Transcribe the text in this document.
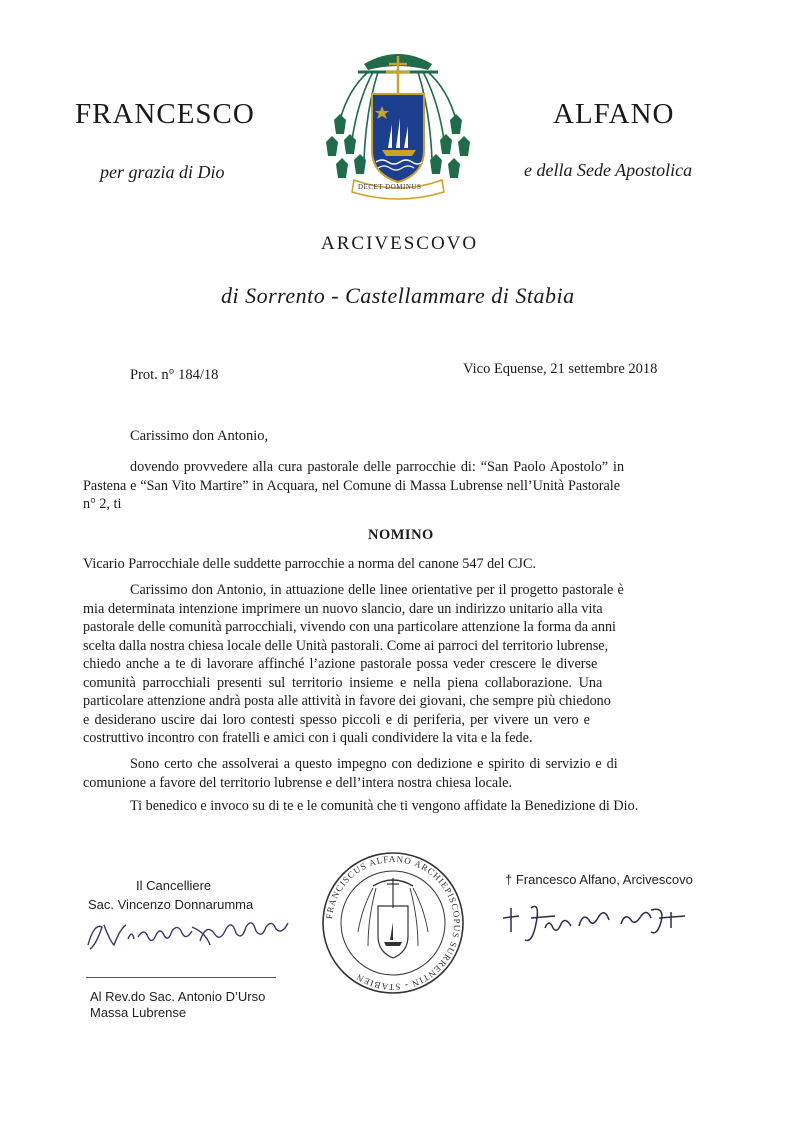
FRANCESCO	ALFANO
per grazia di Dio	e della Sede Apostolica
DECET DOMINUS
ARCIVESCOVO
di Sorrento - Castellammare di Stabia
Prot. n° 184/18	Vico Equense, 21 settembre 2018
Carissimo don Antonio,
dovendo provvedere alla cura pastorale delle parrocchie di: “San Paolo Apostolo” in
Pastena e “San Vito Martire” in Acquara, nel Comune di Massa Lubrense nell’Unità Pastorale
n° 2, ti
NOMINO
Vicario Parrocchiale delle suddette parrocchie a norma del canone 547 del CJC.
Carissimo don Antonio, in attuazione delle linee orientative per il progetto pastorale è
mia determinata intenzione imprimere un nuovo slancio, dare un indirizzo unitario alla vita
pastorale delle comunità parrocchiali, vivendo con una particolare attenzione la forma da anni
scelta dalla nostra chiesa locale delle Unità pastorali. Come ai parroci del territorio lubrense,
chiedo anche a te di lavorare affinché l’azione pastorale possa veder crescere le diverse
comunità parrocchiali presenti sul territorio insieme e nella piena collaborazione. Una
particolare attenzione andrà posta alle attività in favore dei giovani, che sempre più chiedono
e desiderano uscire dai loro contesti spesso piccoli e di periferia, per vivere un vero e
costruttivo incontro con fratelli e amici con i quali condividere la vita e la fede.
Sono certo che assolverai a questo impegno con dedizione e spirito di servizio e di
comunione a favore del territorio lubrense e dell’intera nostra chiesa locale.
Ti benedico e invoco su di te e le comunità che ti vengono affidate la Benedizione di Dio.
Il Cancelliere
Sac. Vincenzo Donnarumma
FRANCISCUS ALFANO ARCHIEPISCOPUS SURRENTIN - STABIEN
† Francesco Alfano, Arcivescovo
Al Rev.do Sac. Antonio D’Urso
Massa Lubrense
